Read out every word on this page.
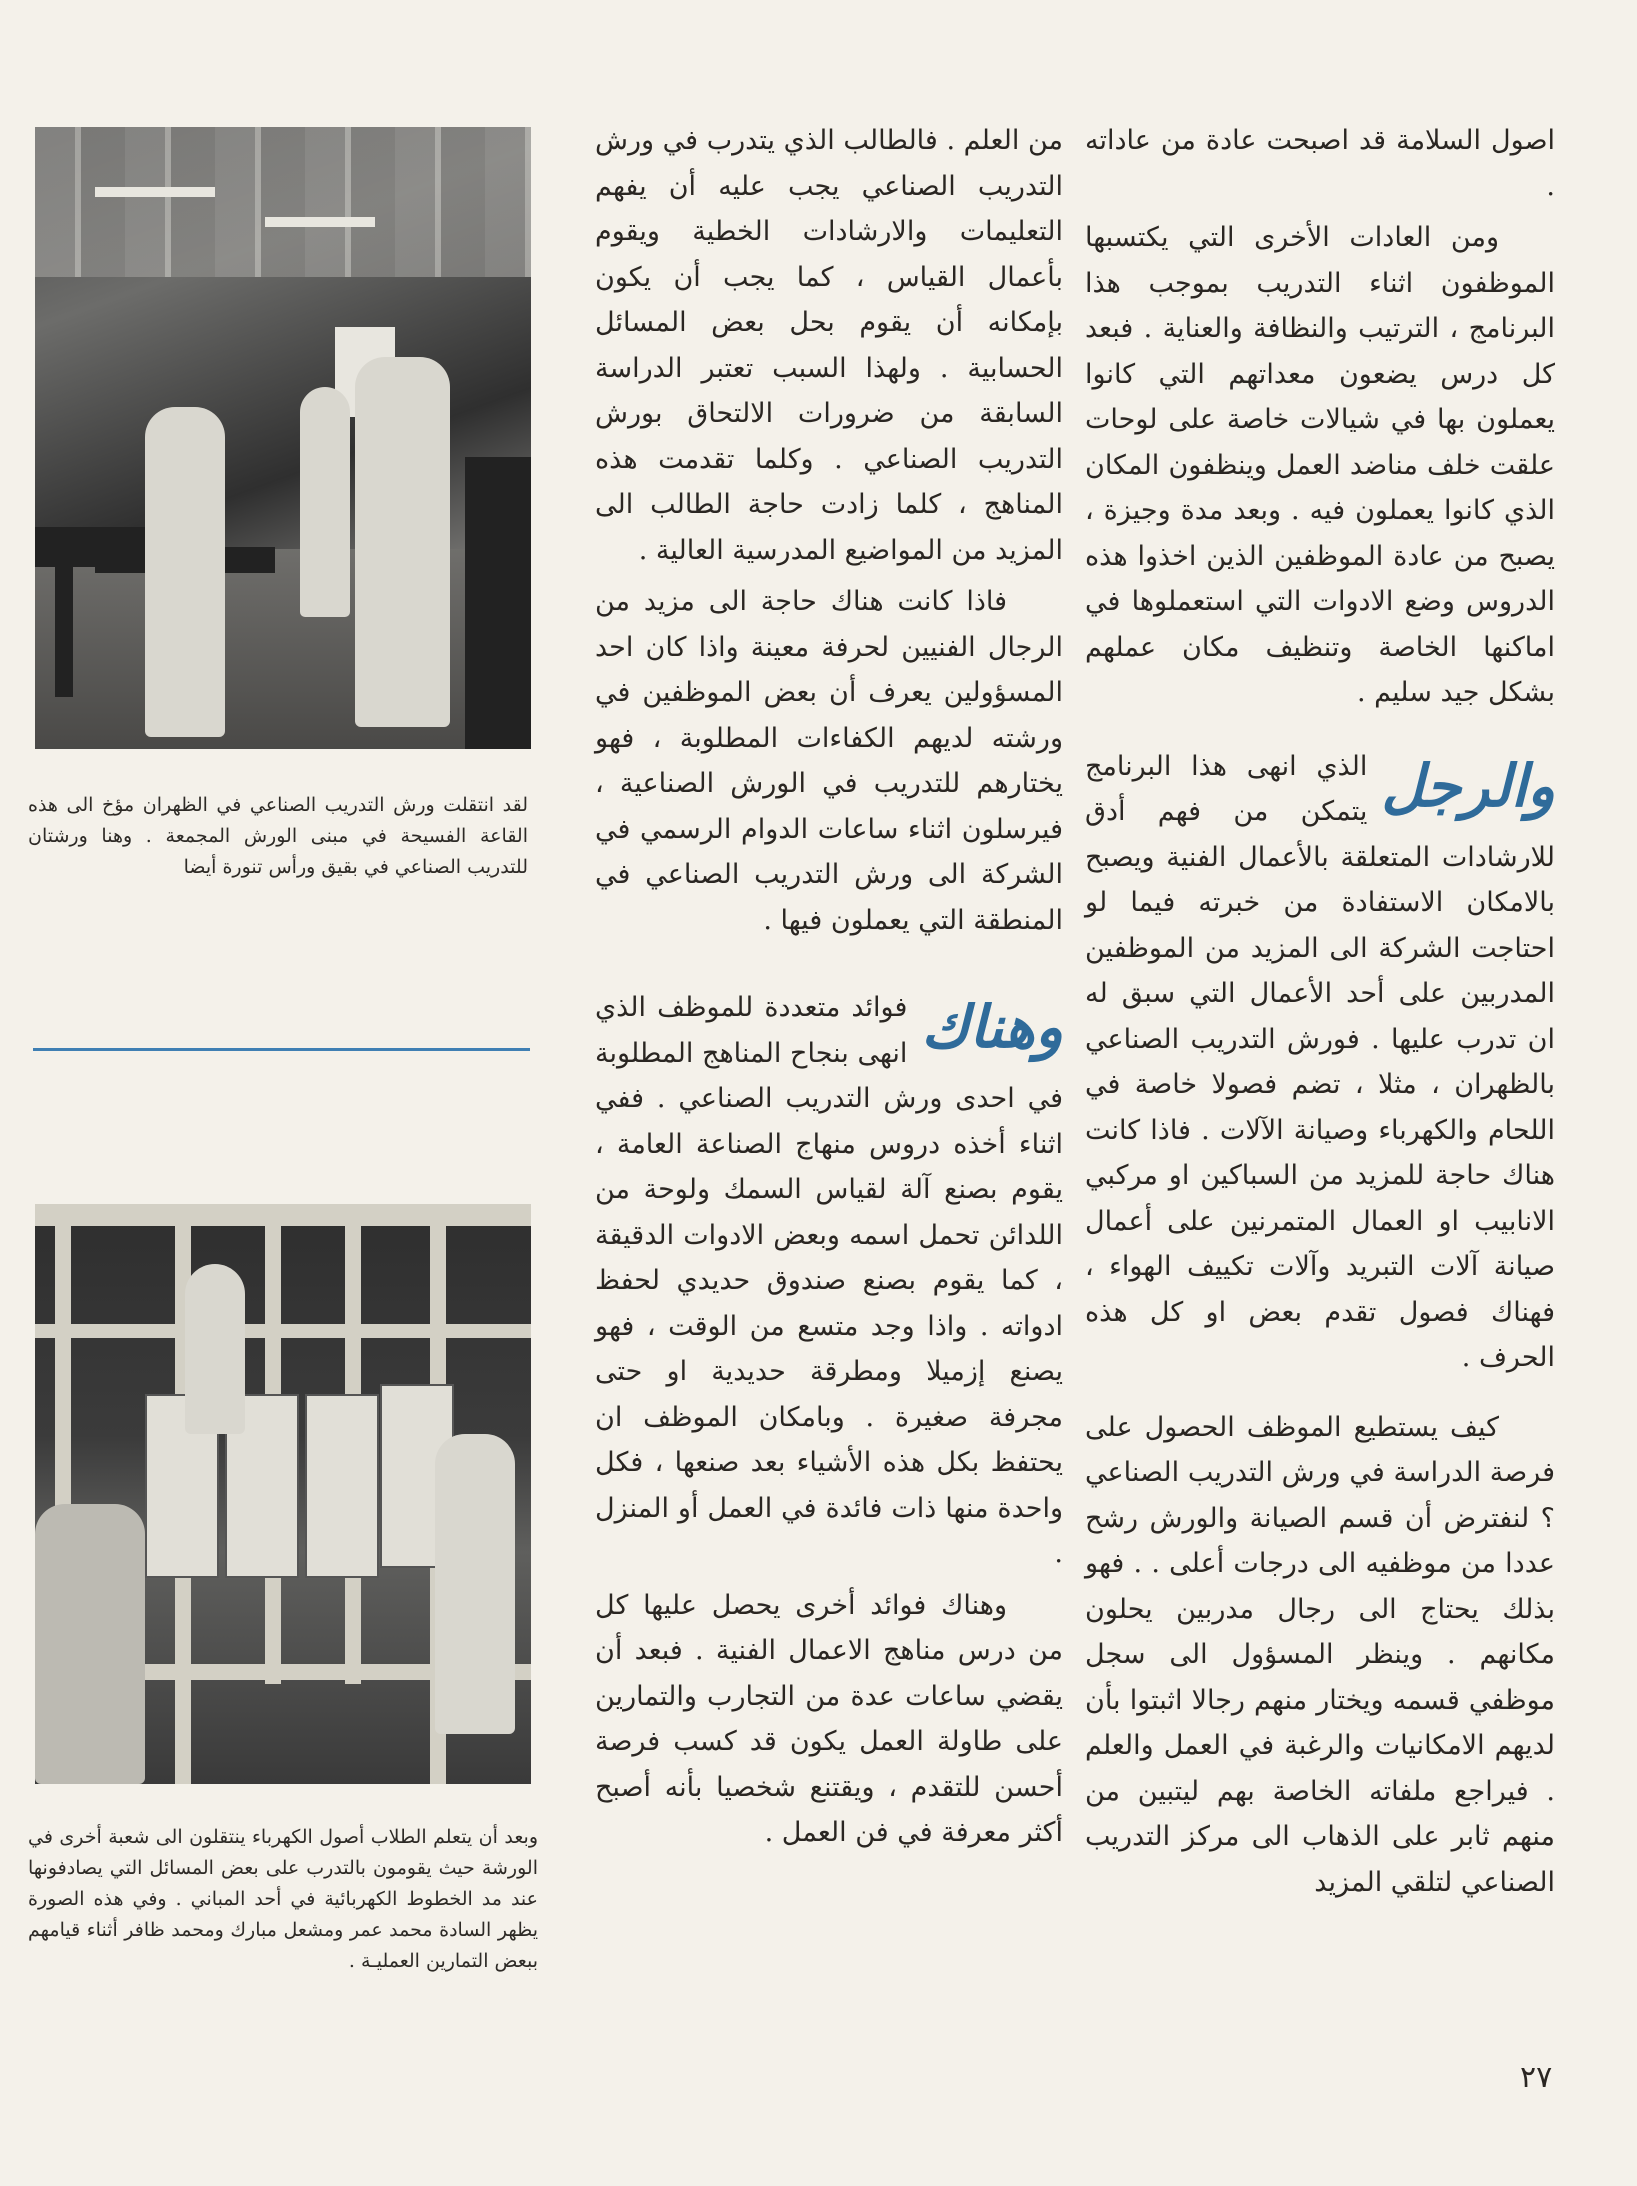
لقد انتقلت ورش التدريب الصناعي في الظهران مؤخ الى هذه القاعة الفسيحة في مبنى الورش المجمعة . وهنا ورشتان للتدريب الصناعي في بقيق ورأس تنورة أيضا
وبعد أن يتعلم الطلاب أصول الكهرباء ينتقلون الى شعبة أخرى في الورشة حيث يقومون بالتدرب على بعض المسائل التي يصادفونها عند مد الخطوط الكهربائية في أحد المباني . وفي هذه الصورة يظهر السادة محمد عمر ومشعل مبارك ومحمد ظافر أثناء قيامهم ببعض التمارين العمليـة .

من العلم . فالطالب الذي يتدرب في ورش التدريب الصناعي يجب عليه أن يفهم التعليمات والارشادات الخطية ويقوم بأعمال القياس ، كما يجب أن يكون بإمكانه أن يقوم بحل بعض المسائل الحسابية . ولهذا السبب تعتبر الدراسة السابقة من ضرورات الالتحاق بورش التدريب الصناعي . وكلما تقدمت هذه المناهج ، كلما زادت حاجة الطالب الى المزيد من المواضيع المدرسية العالية .

فاذا كانت هناك حاجة الى مزيد من الرجال الفنيين لحرفة معينة واذا كان احد المسؤولين يعرف أن بعض الموظفين في ورشته لديهم الكفاءات المطلوبة ، فهو يختارهم للتدريب في الورش الصناعية ، فيرسلون اثناء ساعات الدوام الرسمي في الشركة الى ورش التدريب الصناعي في المنطقة التي يعملون فيها .

وهناك
فوائد متعددة للموظف الذي انهى بنجاح المناهج المطلوبة في احدى ورش التدريب الصناعي . ففي اثناء أخذه دروس منهاج الصناعة العامة ، يقوم بصنع آلة لقياس السمك ولوحة من اللدائن تحمل اسمه وبعض الادوات الدقيقة ، كما يقوم بصنع صندوق حديدي لحفظ ادواته . واذا وجد متسع من الوقت ، فهو يصنع إزميلا ومطرقة حديدية او حتى مجرفة صغيرة . وبامكان الموظف ان يحتفظ بكل هذه الأشياء بعد صنعها ، فكل واحدة منها ذات فائدة في العمل أو المنزل .

وهناك فوائد أخرى يحصل عليها كل من درس مناهج الاعمال الفنية . فبعد أن يقضي ساعات عدة من التجارب والتمارين على طاولة العمل يكون قد كسب فرصة أحسن للتقدم ، ويقتنع شخصيا بأنه أصبح أكثر معرفة في فن العمل .

اصول السلامة قد اصبحت عادة من عاداته .

ومن العادات الأخرى التي يكتسبها الموظفون اثناء التدريب بموجب هذا البرنامج ، الترتيب والنظافة والعناية . فبعد كل درس يضعون معداتهم التي كانوا يعملون بها في شيالات خاصة على لوحات علقت خلف مناضد العمل وينظفون المكان الذي كانوا يعملون فيه . وبعد مدة وجيزة ، يصبح من عادة الموظفين الذين اخذوا هذه الدروس وضع الادوات التي استعملوها في اماكنها الخاصة وتنظيف مكان عملهم بشكل جيد سليم .

والرجل
الذي انهى هذا البرنامج يتمكن من فهم أدق للارشادات المتعلقة بالأعمال الفنية ويصبح بالامكان الاستفادة من خبرته فيما لو احتاجت الشركة الى المزيد من الموظفين المدربين على أحد الأعمال التي سبق له ان تدرب عليها . فورش التدريب الصناعي بالظهران ، مثلا ، تضم فصولا خاصة في اللحام والكهرباء وصيانة الآلات . فاذا كانت هناك حاجة للمزيد من السباكين او مركبي الانابيب او العمال المتمرنين على أعمال صيانة آلات التبريد وآلات تكييف الهواء ، فهناك فصول تقدم بعض او كل هذه الحرف .

كيف يستطيع الموظف الحصول على فرصة الدراسة في ورش التدريب الصناعي ؟ لنفترض أن قسم الصيانة والورش رشح عددا من موظفيه الى درجات أعلى . . فهو بذلك يحتاج الى رجال مدربين يحلون مكانهم . وينظر المسؤول الى سجل موظفي قسمه ويختار منهم رجالا اثبتوا بأن لديهم الامكانيات والرغبة في العمل والعلم . فيراجع ملفاته الخاصة بهم ليتبين من منهم ثابر على الذهاب الى مركز التدريب الصناعي لتلقي المزيد

٢٧
